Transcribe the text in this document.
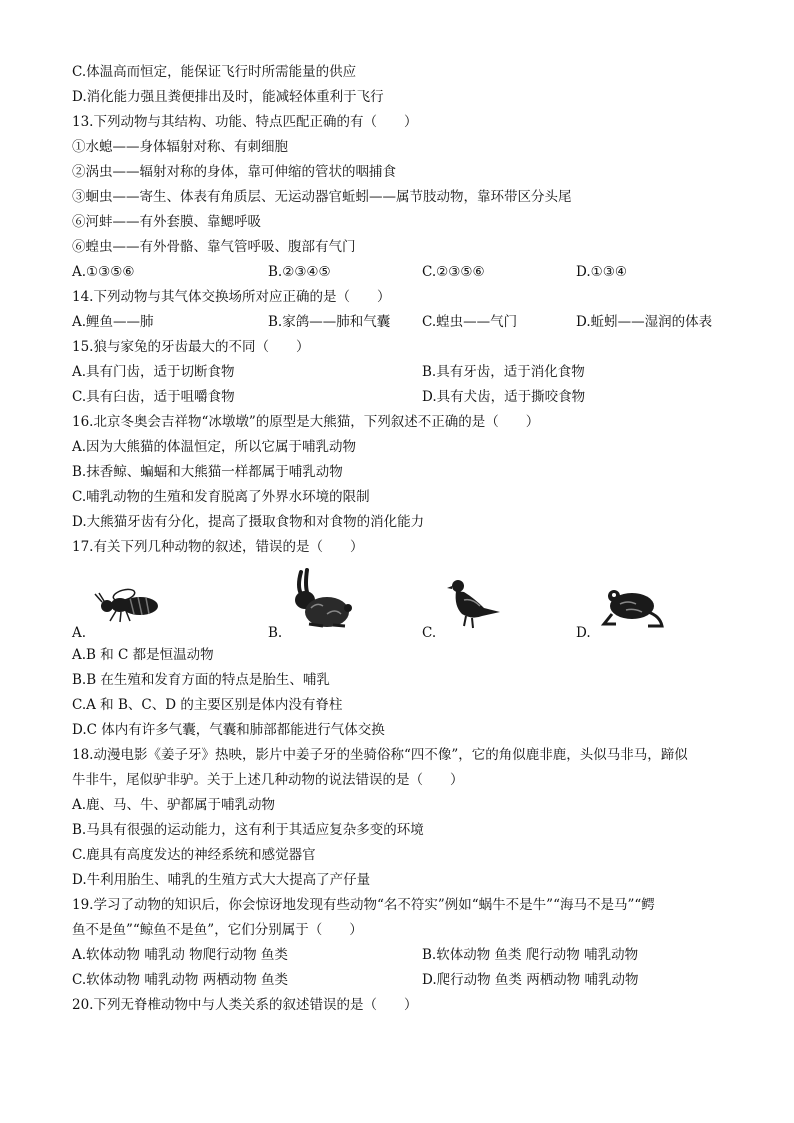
C.体温高而恒定，能保证飞行时所需能量的供应
D.消化能力强且粪便排出及时，能减轻体重利于飞行
13.下列动物与其结构、功能、特点匹配正确的有（　　）
①水螅——身体辐射对称、有刺细胞
②涡虫——辐射对称的身体，靠可伸缩的管状的咽捕食
③蛔虫——寄生、体表有角质层、无运动器官蚯蚓——属节肢动物，靠环带区分头尾
⑥河蚌——有外套膜、靠鳃呼吸
⑥蝗虫——有外骨骼、靠气管呼吸、腹部有气门
A.①③⑤⑥	B.②③④⑤	C.②③⑤⑥	D.①③④
14.下列动物与其气体交换场所对应正确的是（　　）
A.鲤鱼——肺	B.家鸽——肺和气囊 C.蝗虫——气门	D.蚯蚓——湿润的体表
15.狼与家兔的牙齿最大的不同（　　）
A.具有门齿，适于切断食物	B.具有牙齿，适于消化食物
C.具有臼齿，适于咀嚼食物	D.具有犬齿，适于撕咬食物
16.北京冬奥会吉祥物“冰墩墩”的原型是大熊猫，下列叙述不正确的是（　　）
A.因为大熊猫的体温恒定，所以它属于哺乳动物
B.抹香鲸、蝙蝠和大熊猫一样都属于哺乳动物
C.哺乳动物的生殖和发育脱离了外界水环境的限制
D.大熊猫牙齿有分化，提高了摄取食物和对食物的消化能力
17.有关下列几种动物的叙述，错误的是（　　）
A.	B.	C.	D.
A.B 和 C 都是恒温动物
B.B 在生殖和发育方面的特点是胎生、哺乳
C.A 和 B、C、D 的主要区别是体内没有脊柱
D.C 体内有许多气囊，气囊和肺部都能进行气体交换
18.动漫电影《姜子牙》热映，影片中姜子牙的坐骑俗称“四不像”，它的角似鹿非鹿，头似马非马，蹄似
牛非牛，尾似驴非驴。关于上述几种动物的说法错误的是（　　）
A.鹿、马、牛、驴都属于哺乳动物
B.马具有很强的运动能力，这有利于其适应复杂多变的环境
C.鹿具有高度发达的神经系统和感觉器官
D.牛利用胎生、哺乳的生殖方式大大提高了产仔量
19.学习了动物的知识后，你会惊讶地发现有些动物“名不符实”例如“蜗牛不是牛”“海马不是马”“鳄
鱼不是鱼”“鲸鱼不是鱼”，它们分别属于（　　）
A.软体动物 哺乳动 物爬行动物 鱼类	B.软体动物 鱼类 爬行动物 哺乳动物
C.软体动物 哺乳动物 两栖动物 鱼类	D.爬行动物 鱼类 两栖动物 哺乳动物
20.下列无脊椎动物中与人类关系的叙述错误的是（　　）
